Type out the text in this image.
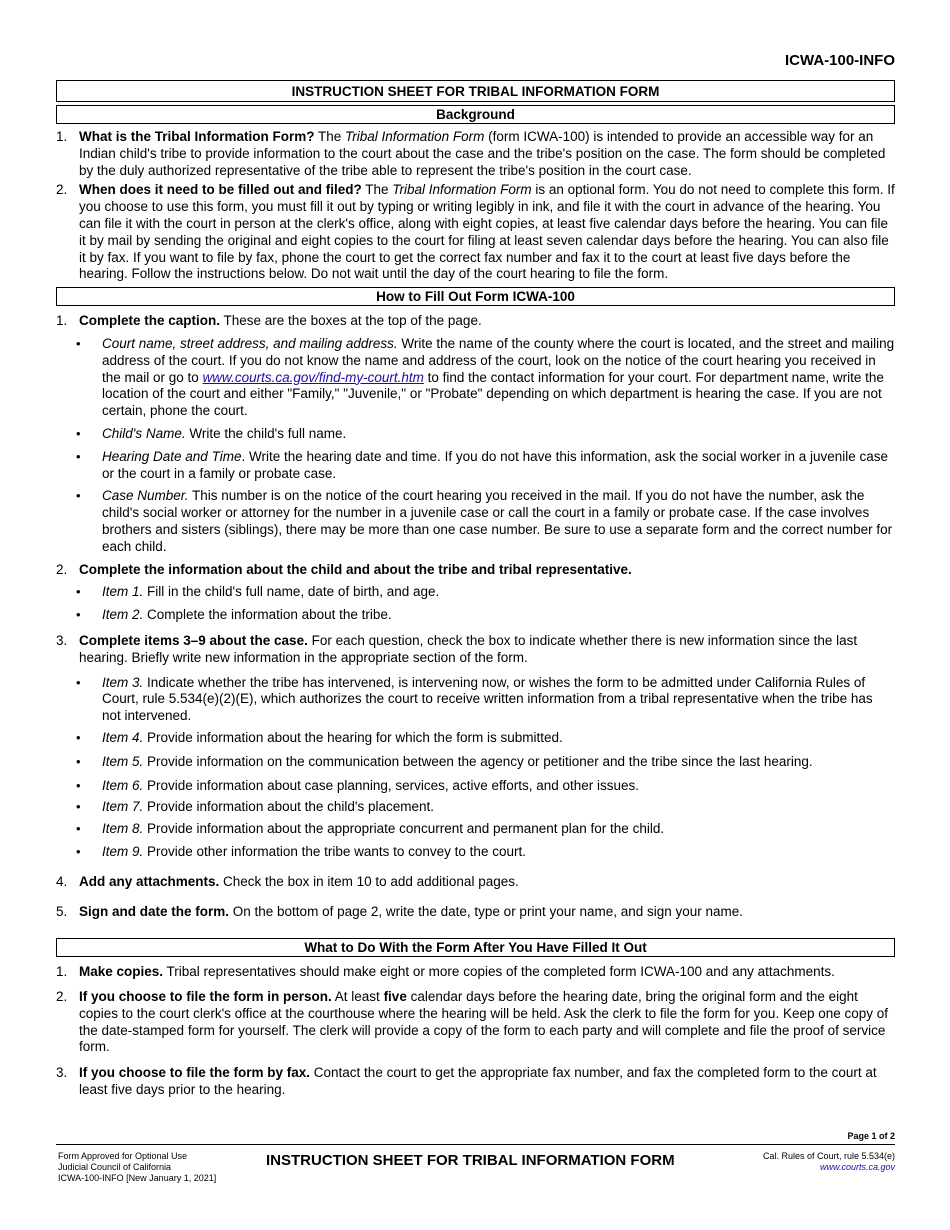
ICWA-100-INFO
INSTRUCTION SHEET FOR TRIBAL INFORMATION FORM
Background
1. What is the Tribal Information Form? The Tribal Information Form (form ICWA-100) is intended to provide an accessible way for an Indian child's tribe to provide information to the court about the case and the tribe's position on the case. The form should be completed by the duly authorized representative of the tribe able to represent the tribe's position in the court case.

2. When does it need to be filled out and filed? The Tribal Information Form is an optional form. You do not need to complete this form. If you choose to use this form, you must fill it out by typing or writing legibly in ink, and file it with the court in advance of the hearing. You can file it with the court in person at the clerk's office, along with eight copies, at least five calendar days before the hearing. You can file it by mail by sending the original and eight copies to the court for filing at least seven calendar days before the hearing. You can also file it by fax. If you want to file by fax, phone the court to get the correct fax number and fax it to the court at least five days before the hearing. Follow the instructions below. Do not wait until the day of the court hearing to file the form.

How to Fill Out Form ICWA-100
1. Complete the caption. These are the boxes at the top of the page.

• Court name, street address, and mailing address. Write the name of the county where the court is located, and the street and mailing address of the court. If you do not know the name and address of the court, look on the notice of the court hearing you received in the mail or go to www.courts.ca.gov/find-my-court.htm to find the contact information for your court. For department name, write the location of the court and either "Family," "Juvenile," or "Probate" depending on which department is hearing the case. If you are not certain, phone the court.

• Child's Name. Write the child's full name.

• Hearing Date and Time. Write the hearing date and time. If you do not have this information, ask the social worker in a juvenile case or the court in a family or probate case.

• Case Number. This number is on the notice of the court hearing you received in the mail. If you do not have the number, ask the child's social worker or attorney for the number in a juvenile case or call the court in a family or probate case. If the case involves brothers and sisters (siblings), there may be more than one case number. Be sure to use a separate form and the correct number for each child.

2. Complete the information about the child and about the tribe and tribal representative.

• Item 1. Fill in the child's full name, date of birth, and age.

• Item 2. Complete the information about the tribe.

3. Complete items 3–9 about the case. For each question, check the box to indicate whether there is new information since the last hearing. Briefly write new information in the appropriate section of the form.

• Item 3. Indicate whether the tribe has intervened, is intervening now, or wishes the form to be admitted under California Rules of Court, rule 5.534(e)(2)(E), which authorizes the court to receive written information from a tribal representative when the tribe has not intervened.

• Item 4. Provide information about the hearing for which the form is submitted.

• Item 5. Provide information on the communication between the agency or petitioner and the tribe since the last hearing.

• Item 6. Provide information about case planning, services, active efforts, and other issues.

• Item 7. Provide information about the child's placement.

• Item 8. Provide information about the appropriate concurrent and permanent plan for the child.

• Item 9. Provide other information the tribe wants to convey to the court.

4. Add any attachments. Check the box in item 10 to add additional pages.

5. Sign and date the form. On the bottom of page 2, write the date, type or print your name, and sign your name.

What to Do With the Form After You Have Filled It Out
1. Make copies. Tribal representatives should make eight or more copies of the completed form ICWA-100 and any attachments.

2. If you choose to file the form in person. At least five calendar days before the hearing date, bring the original form and the eight copies to the court clerk's office at the courthouse where the hearing will be held. Ask the clerk to file the form for you. Keep one copy of the date-stamped form for yourself. The clerk will provide a copy of the form to each party and will complete and file the proof of service form.

3. If you choose to file the form by fax. Contact the court to get the appropriate fax number, and fax the completed form to the court at least five days prior to the hearing.

Page 1 of 2
Form Approved for Optional Use
Judicial Council of California
ICWA-100-INFO [New January 1, 2021]
INSTRUCTION SHEET FOR TRIBAL INFORMATION FORM	Cal. Rules of Court, rule 5.534(e)
www.courts.ca.gov
